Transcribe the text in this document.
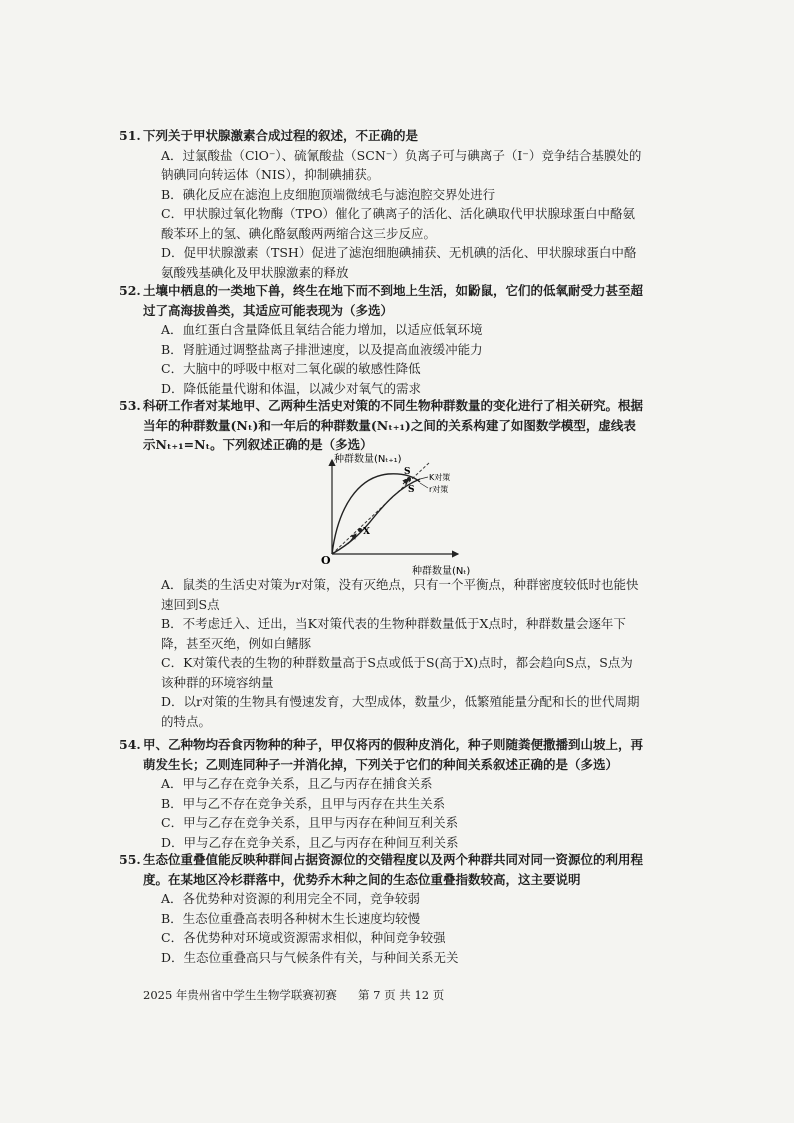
51. 下列关于甲状腺激素合成过程的叙述，不正确的是
A．过氯酸盐（ClO⁻）、硫氰酸盐（SCN⁻）负离子可与碘离子（I⁻）竞争结合基膜处的钠碘同向转运体（NIS），抑制碘捕获。
B．碘化反应在滤泡上皮细胞顶端微绒毛与滤泡腔交界处进行
C．甲状腺过氧化物酶（TPO）催化了碘离子的活化、活化碘取代甲状腺球蛋白中酪氨酸苯环上的氢、碘化酪氨酸两两缩合这三步反应。
D．促甲状腺激素（TSH）促进了滤泡细胞碘捕获、无机碘的活化、甲状腺球蛋白中酪氨酸残基碘化及甲状腺激素的释放
52. 土壤中栖息的一类地下兽，终生在地下而不到地上生活，如鼢鼠，它们的低氧耐受力甚至超过了高海拔兽类，其适应可能表现为（多选）
A．血红蛋白含量降低且氧结合能力增加，以适应低氧环境
B．肾脏通过调整盐离子排泄速度，以及提高血液缓冲能力
C．大脑中的呼吸中枢对二氧化碳的敏感性降低
D．降低能量代谢和体温，以减少对氧气的需求
53. 科研工作者对某地甲、乙两种生活史对策的不同生物种群数量的变化进行了相关研究。根据当年的种群数量(Nₜ)和一年后的种群数量(Nₜ₊₁)之间的关系构建了如图数学模型，虚线表示Nₜ₊₁=Nₜ。下列叙述正确的是（多选）
种群数量(Nₜ₊₁)
种群数量(Nₜ)
O
S
S
X
K对策
r对策
A．鼠类的生活史对策为r对策，没有灭绝点，只有一个平衡点，种群密度较低时也能快速回到S点
B．不考虑迁入、迁出，当K对策代表的生物种群数量低于X点时，种群数量会逐年下降，甚至灭绝，例如白鳍豚
C．K对策代表的生物的种群数量高于S点或低于S(高于X)点时，都会趋向S点，S点为该种群的环境容纳量
D．以r对策的生物具有慢速发育，大型成体，数量少，低繁殖能量分配和长的世代周期的特点。
54. 甲、乙种物均吞食丙物种的种子，甲仅将丙的假种皮消化，种子则随粪便撒播到山坡上，再萌发生长；乙则连同种子一并消化掉，下列关于它们的种间关系叙述正确的是（多选）
A．甲与乙存在竞争关系，且乙与丙存在捕食关系
B．甲与乙不存在竞争关系，且甲与丙存在共生关系
C．甲与乙存在竞争关系，且甲与丙存在种间互利关系
D．甲与乙存在竞争关系，且乙与丙存在种间互利关系
55. 生态位重叠值能反映种群间占据资源位的交错程度以及两个种群共同对同一资源位的利用程度。在某地区冷杉群落中，优势乔木种之间的生态位重叠指数较高，这主要说明
A．各优势种对资源的利用完全不同，竞争较弱
B．生态位重叠高表明各种树木生长速度均较慢
C．各优势种对环境或资源需求相似，种间竞争较强
D．生态位重叠高只与气候条件有关，与种间关系无关
2025 年贵州省中学生生物学联赛初赛 第 7 页 共 12 页
